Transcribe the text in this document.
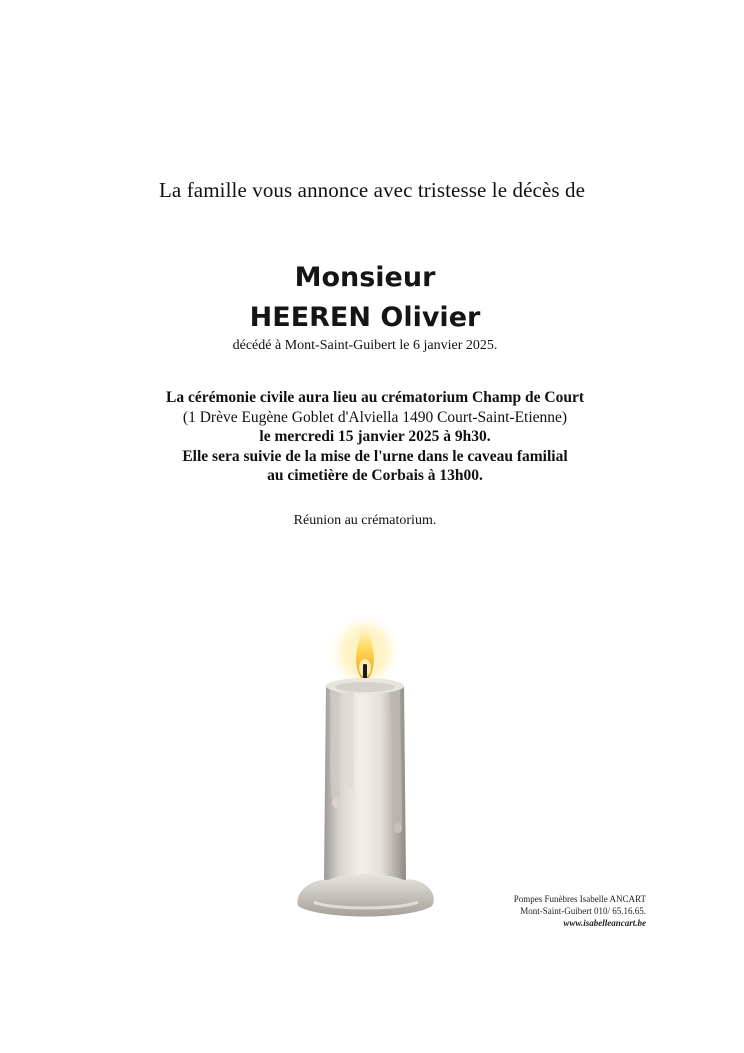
La famille vous annonce avec tristesse le décès de
Monsieur
HEEREN Olivier
décédé à Mont-Saint-Guibert le 6 janvier 2025.
La cérémonie civile aura lieu au crématorium Champ de Court
(1 Drève Eugène Goblet d'Alviella 1490 Court-Saint-Etienne)
le mercredi 15 janvier 2025 à 9h30.
Elle sera suivie de la mise de l'urne dans le caveau familial
au cimetière de Corbais à 13h00.
Réunion au crématorium.
Pompes Funèbres Isabelle ANCART
Mont-Saint-Guibert 010/ 65.16.65.
www.isabelleancart.be
